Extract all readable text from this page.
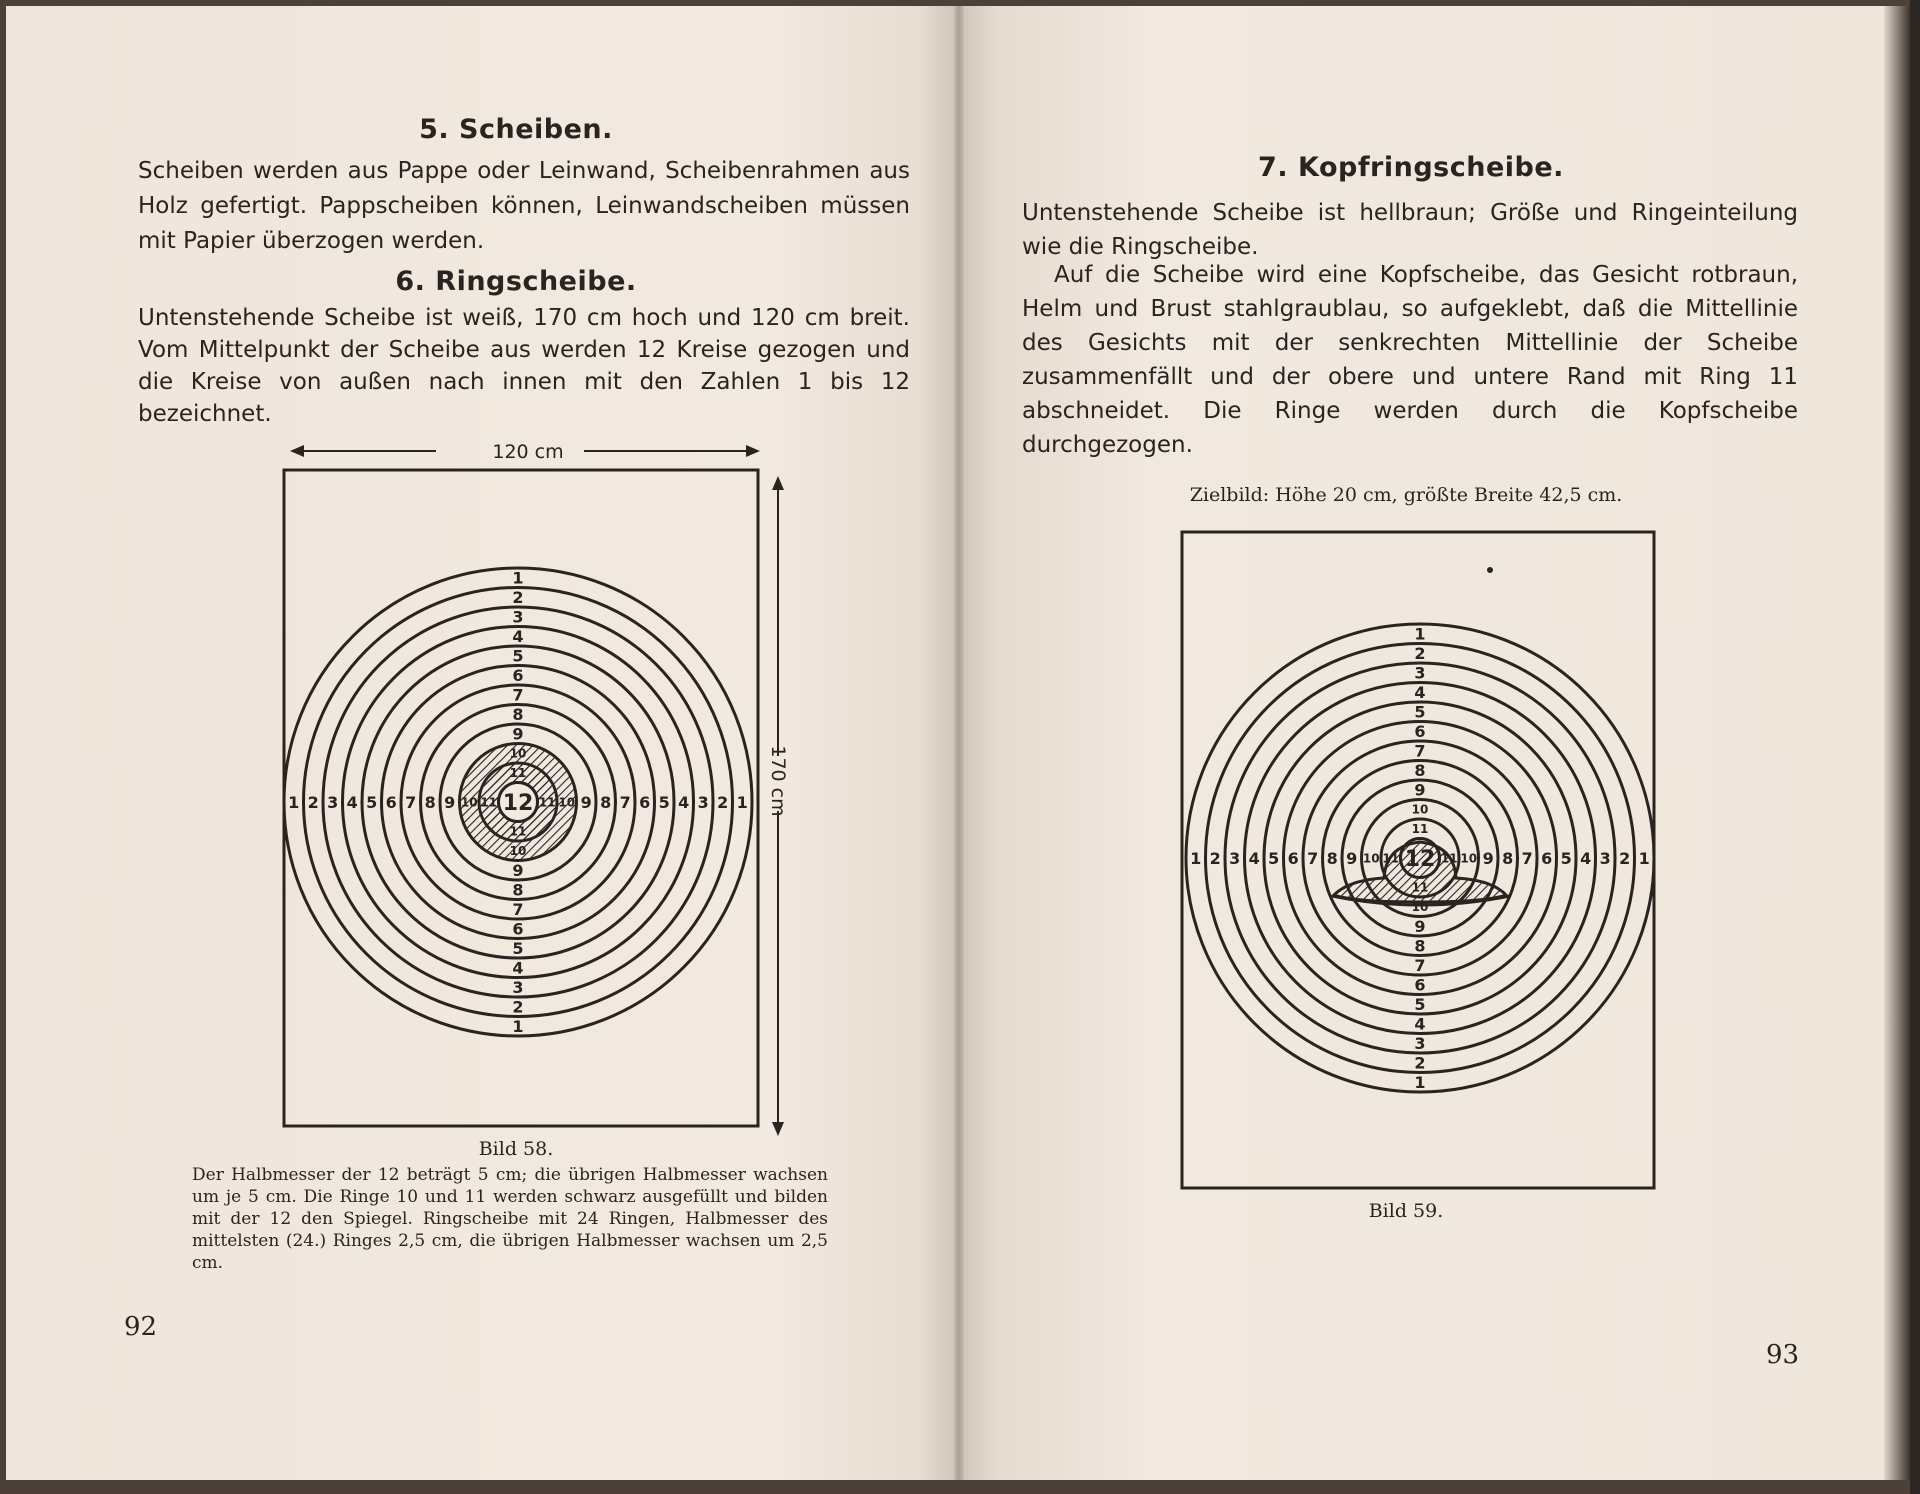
5. Scheiben.
Scheiben werden aus Pappe oder Leinwand, Scheibenrahmen aus Holz gefertigt. Pappscheiben können, Leinwandscheiben müssen mit Papier überzogen werden.
6. Ringscheibe.
Untenstehende Scheibe ist weiß, 170 cm hoch und 120 cm breit. Vom Mittelpunkt der Scheibe aus werden 12 Kreise gezogen und die Kreise von außen nach innen mit den Zahlen 1 bis 12 bezeichnet.
120 cm
170 cm
1
1
1	1
2
2
2	2
3
3
3	3
4
4
4	4
5
5
5	5
6
6
6	6
7
7
7	7
8
8
8	8
9
9
9	9
10
10
10	10
11
11
11	11
12
Bild 58.
Der Halbmesser der 12 beträgt 5 cm; die übrigen Halbmesser wachsen um je 5 cm. Die Ringe 10 und 11 werden schwarz ausgefüllt und bilden mit der 12 den Spiegel. Ringscheibe mit 24 Ringen, Halbmesser des mittelsten (24.) Ringes 2,5 cm, die übrigen Halbmesser wachsen um 2,5 cm.
92
7. Kopfringscheibe.
Untenstehende Scheibe ist hellbraun; Größe und Ringeinteilung wie die Ringscheibe.
Auf die Scheibe wird eine Kopfscheibe, das Gesicht rotbraun, Helm und Brust stahlgraublau, so aufgeklebt, daß die Mittellinie des Gesichts mit der senkrechten Mittellinie der Scheibe zusammenfällt und der obere und untere Rand mit Ring 11 abschneidet. Die Ringe werden durch die Kopfscheibe durchgezogen.
Zielbild: Höhe 20 cm, größte Breite 42,5 cm.
1
1
1	1
2
2
2	2
3
3
3	3
4
4
4	4
5
5
5	5
6
6
6	6
7
7
7	7
8
8
8	8
9
9
9	9
10
10
10	10
11
11
11	11
12
Bild 59.
93
